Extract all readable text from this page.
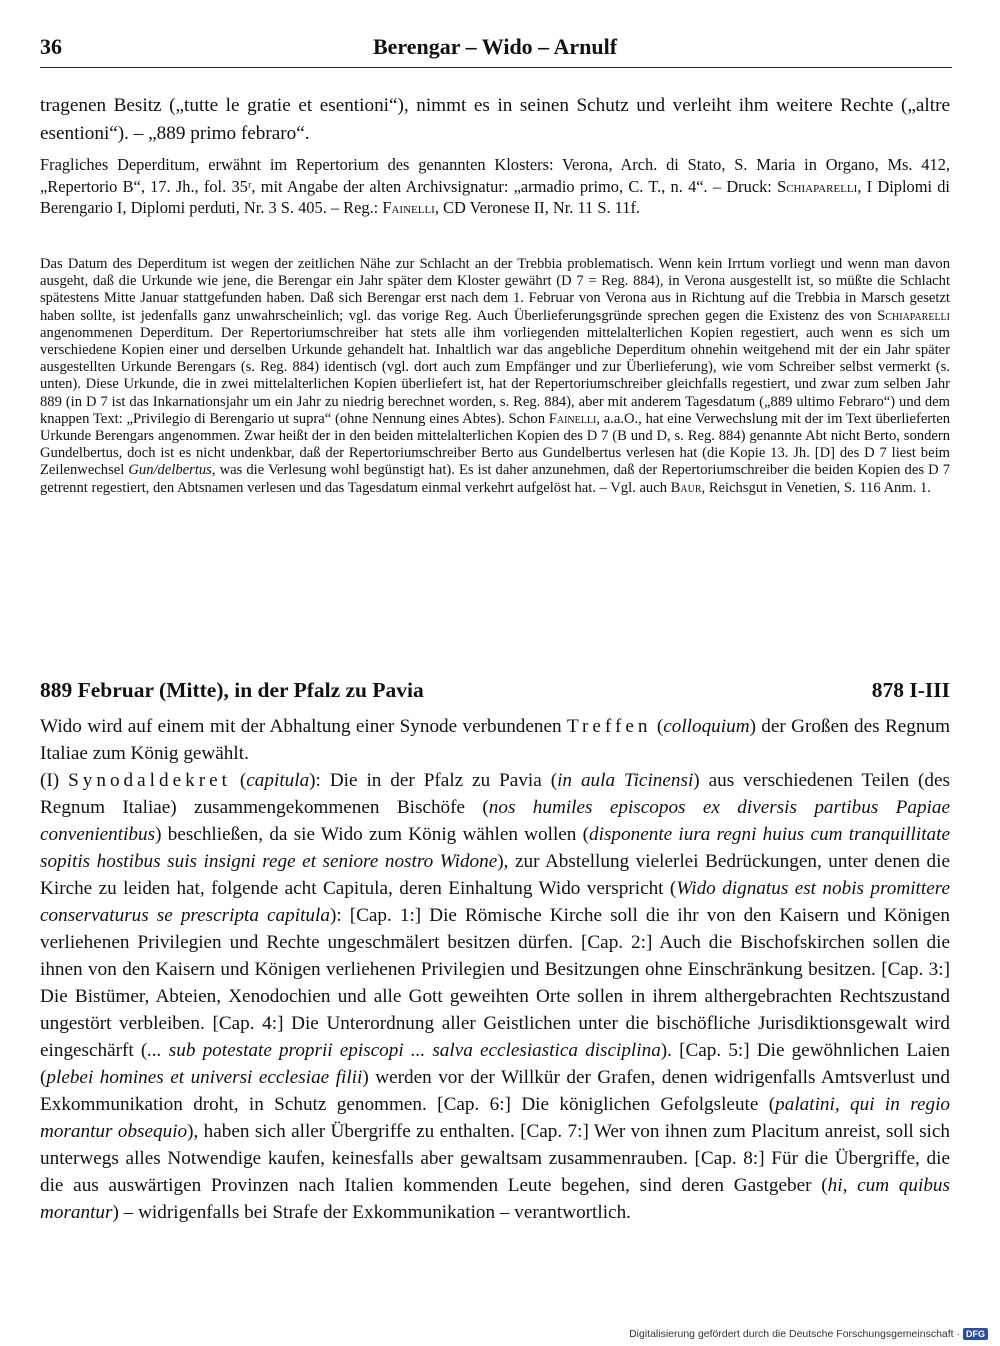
36	Berengar – Wido – Arnulf

tragenen Besitz („tutte le gratie et esentioni“), nimmt es in seinen Schutz und verleiht ihm weitere Rechte („altre esentioni“). – „889 primo febraro“.

Fragliches Deperditum, erwähnt im Repertorium des genannten Klosters: Verona, Arch. di Stato, S. Maria in Organo, Ms. 412, „Repertorio B“, 17. Jh., fol. 35ʳ, mit Angabe der alten Archivsignatur: „armadio primo, C. T., n. 4“. – Druck: Schiaparelli, I Diplomi di Berengario I, Diplomi perduti, Nr. 3 S. 405. – Reg.: Fainelli, CD Veronese II, Nr. 11 S. 11f.

Das Datum des Deperditum ist wegen der zeitlichen Nähe zur Schlacht an der Trebbia problematisch. Wenn kein Irrtum vorliegt und wenn man davon ausgeht, daß die Urkunde wie jene, die Berengar ein Jahr später dem Kloster gewährt (D 7 = Reg. 884), in Verona ausgestellt ist, so müßte die Schlacht spätestens Mitte Januar stattgefunden haben. Daß sich Berengar erst nach dem 1. Februar von Verona aus in Richtung auf die Trebbia in Marsch gesetzt haben sollte, ist jedenfalls ganz unwahrscheinlich; vgl. das vorige Reg. Auch Überlieferungsgründe sprechen gegen die Existenz des von Schiaparelli angenommenen Deperditum. Der Repertoriumschreiber hat stets alle ihm vorliegenden mittelalterlichen Kopien regestiert, auch wenn es sich um verschiedene Kopien einer und derselben Urkunde gehandelt hat. Inhaltlich war das angebliche Deperditum ohnehin weitgehend mit der ein Jahr später ausgestellten Urkunde Berengars (s. Reg. 884) identisch (vgl. dort auch zum Empfänger und zur Überlieferung), wie vom Schreiber selbst vermerkt (s. unten). Diese Urkunde, die in zwei mittelalterlichen Kopien überliefert ist, hat der Repertoriumschreiber gleichfalls regestiert, und zwar zum selben Jahr 889 (in D 7 ist das Inkarnationsjahr um ein Jahr zu niedrig berechnet worden, s. Reg. 884), aber mit anderem Tagesdatum („889 ultimo Febraro“) und dem knappen Text: „Privilegio di Berengario ut supra“ (ohne Nennung eines Abtes). Schon Fainelli, a.a.O., hat eine Verwechslung mit der im Text überlieferten Urkunde Berengars angenommen. Zwar heißt der in den beiden mittelalterlichen Kopien des D 7 (B und D, s. Reg. 884) genannte Abt nicht Berto, sondern Gundelbertus, doch ist es nicht undenkbar, daß der Repertoriumschreiber Berto aus Gundelbertus verlesen hat (die Kopie 13. Jh. [D] des D 7 liest beim Zeilenwechsel Gun/delbertus, was die Verlesung wohl begünstigt hat). Es ist daher anzunehmen, daß der Repertoriumschreiber die beiden Kopien des D 7 getrennt regestiert, den Abtsnamen verlesen und das Tagesdatum einmal verkehrt aufgelöst hat. – Vgl. auch Baur, Reichsgut in Venetien, S. 116 Anm. 1.

889 Februar (Mitte), in der Pfalz zu Pavia	878 I-III

Wido wird auf einem mit der Abhaltung einer Synode verbundenen Treffen (colloquium) der Großen des Regnum Italiae zum König gewählt.

(I) Synodaldekret (capitula): Die in der Pfalz zu Pavia (in aula Ticinensi) aus verschiedenen Teilen (des Regnum Italiae) zusammengekommenen Bischöfe (nos humiles episcopos ex diversis partibus Papiae convenientibus) beschließen, da sie Wido zum König wählen wollen (disponente iura regni huius cum tranquillitate sopitis hostibus suis insigni rege et seniore nostro Widone), zur Abstellung vielerlei Bedrückungen, unter denen die Kirche zu leiden hat, folgende acht Capitula, deren Einhaltung Wido verspricht (Wido dignatus est nobis promittere conservaturus se prescripta capitula): [Cap. 1:] Die Römische Kirche soll die ihr von den Kaisern und Königen verliehenen Privilegien und Rechte ungeschmälert besitzen dürfen. [Cap. 2:] Auch die Bischofskirchen sollen die ihnen von den Kaisern und Königen verliehenen Privilegien und Besitzungen ohne Einschränkung besitzen. [Cap. 3:] Die Bistümer, Abteien, Xenodochien und alle Gott geweihten Orte sollen in ihrem althergebrachten Rechtszustand ungestört verbleiben. [Cap. 4:] Die Unterordnung aller Geistlichen unter die bischöfliche Jurisdiktionsgewalt wird eingeschärft (... sub potestate proprii episcopi ... salva ecclesiastica disciplina). [Cap. 5:] Die gewöhnlichen Laien (plebei homines et universi ecclesiae filii) werden vor der Willkür der Grafen, denen widrigenfalls Amtsverlust und Exkommunikation droht, in Schutz genommen. [Cap. 6:] Die königlichen Gefolgsleute (palatini, qui in regio morantur obsequio), haben sich aller Übergriffe zu enthalten. [Cap. 7:] Wer von ihnen zum Placitum anreist, soll sich unterwegs alles Notwendige kaufen, keinesfalls aber gewaltsam zusammenrauben. [Cap. 8:] Für die Übergriffe, die die aus auswärtigen Provinzen nach Italien kommenden Leute begehen, sind deren Gastgeber (hi, cum quibus morantur) – widrigenfalls bei Strafe der Exkommunikation – verantwortlich.

Digitalisierung gefördert durch die Deutsche Forschungsgemeinschaft · DFG
